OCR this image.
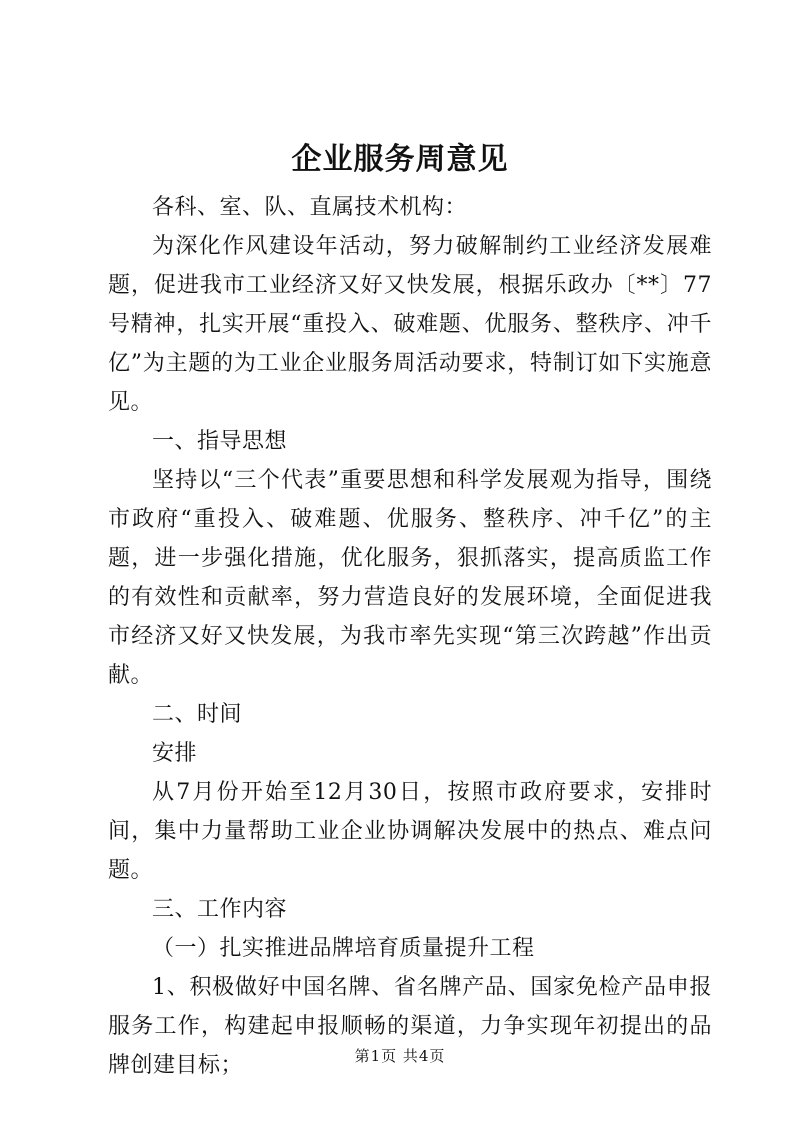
企业服务周意见

各科、室、队、直属技术机构：

为深化作风建设年活动，努力破解制约工业经济发展难题，促进我市工业经济又好又快发展，根据乐政办〔**〕77号精神，扎实开展“重投入、破难题、优服务、整秩序、冲千亿”为主题的为工业企业服务周活动要求，特制订如下实施意见。

一、指导思想

坚持以“三个代表”重要思想和科学发展观为指导，围绕市政府“重投入、破难题、优服务、整秩序、冲千亿”的主题，进一步强化措施，优化服务，狠抓落实，提高质监工作的有效性和贡献率，努力营造良好的发展环境，全面促进我市经济又好又快发展，为我市率先实现“第三次跨越”作出贡献。

二、时间

安排

从7月份开始至12月30日，按照市政府要求，安排时间，集中力量帮助工业企业协调解决发展中的热点、难点问题。

三、工作内容

（一）扎实推进品牌培育质量提升工程

1、积极做好中国名牌、省名牌产品、国家免检产品申报服务工作，构建起申报顺畅的渠道，力争实现年初提出的品牌创建目标；	第1页 共4页
